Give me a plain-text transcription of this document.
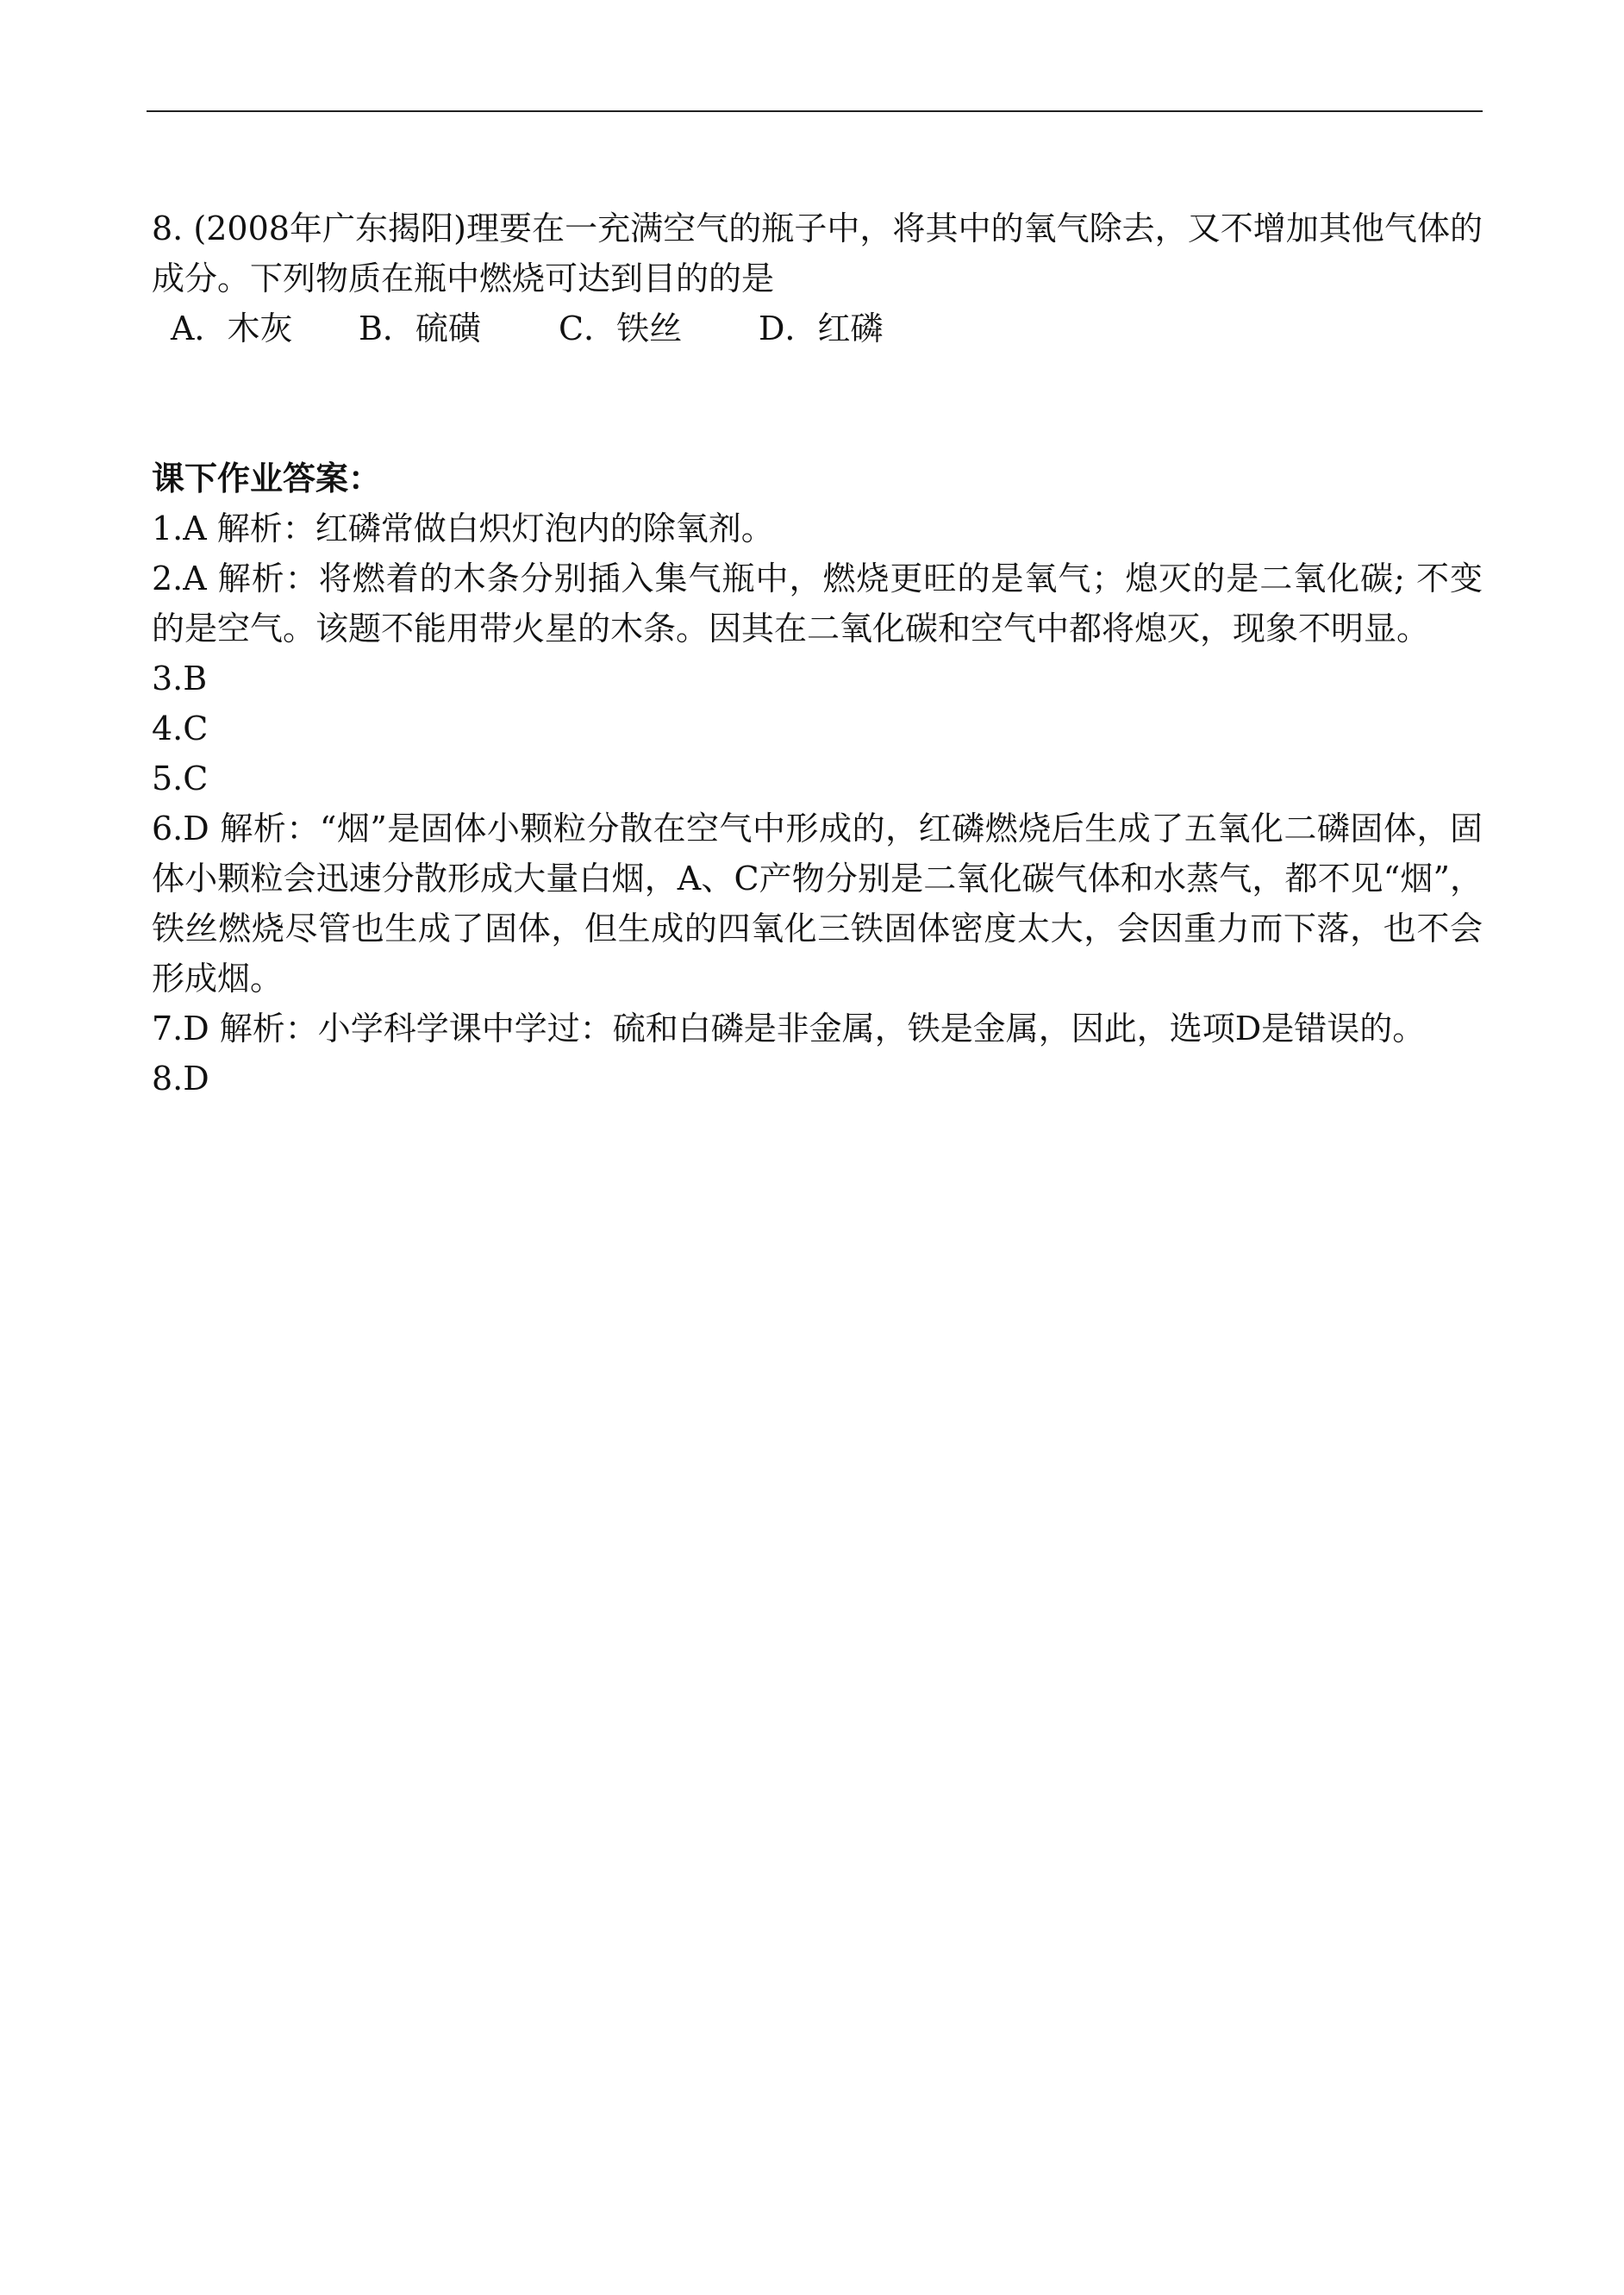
8. (2008年广东揭阳)理要在一充满空气的瓶子中，将其中的氧气除去，又不增加其他气体的成分。下列物质在瓶中燃烧可达到目的的是
A．木灰	B．硫磺	C．铁丝	D．红磷
课下作业答案：
1.A 解析：红磷常做白炽灯泡内的除氧剂。
2.A 解析：将燃着的木条分别插入集气瓶中，燃烧更旺的是氧气；熄灭的是二氧化碳; 不变的是空气。该题不能用带火星的木条。因其在二氧化碳和空气中都将熄灭，现象不明显。
3.B
4.C
5.C
6.D 解析：“烟”是固体小颗粒分散在空气中形成的，红磷燃烧后生成了五氧化二磷固体，固体小颗粒会迅速分散形成大量白烟，A、C产物分别是二氧化碳气体和水蒸气，都不见“烟”，铁丝燃烧尽管也生成了固体，但生成的四氧化三铁固体密度太大，会因重力而下落，也不会形成烟。
7.D 解析：小学科学课中学过：硫和白磷是非金属，铁是金属，因此，选项D是错误的。
8.D
